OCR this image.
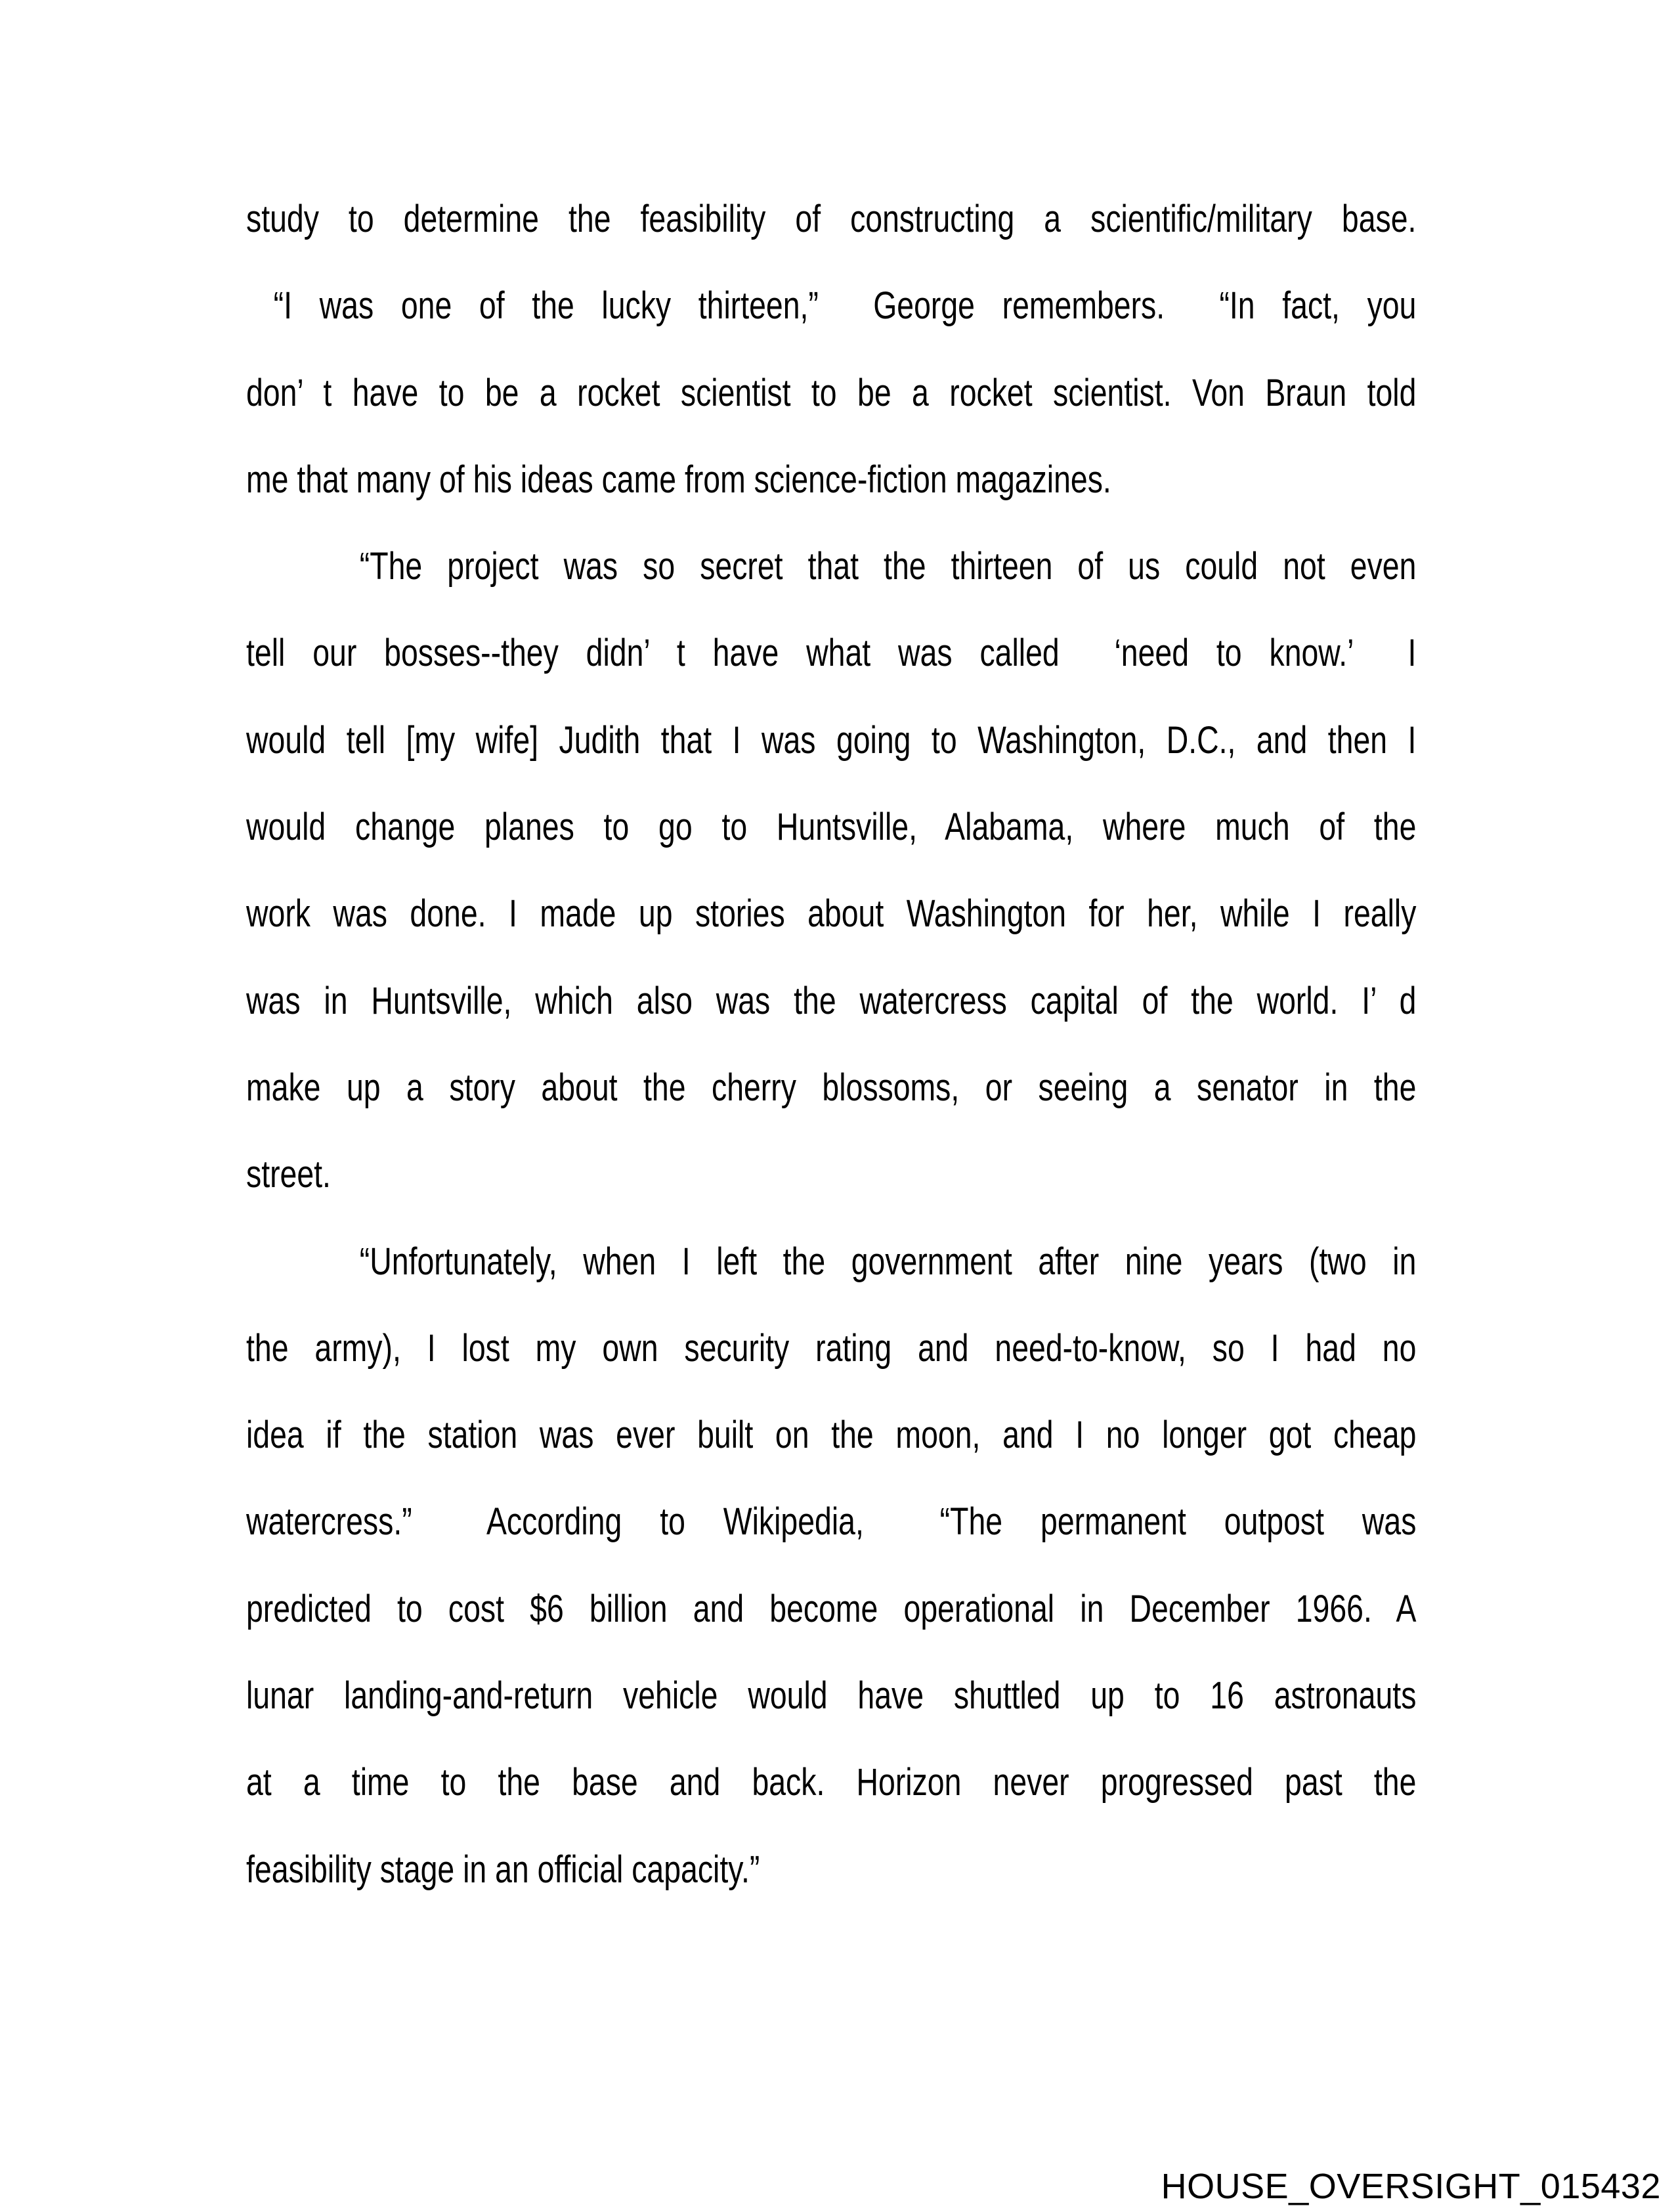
study to determine the feasibility of constructing a scientific/military base.
“I was one of the lucky thirteen,”  George remembers.  “In fact, you
don’ t have to be a rocket scientist to be a rocket scientist. Von Braun told
me that many of his ideas came from science-fiction magazines.
“The project was so secret that the thirteen of us could not even
tell our bosses--they didn’ t have what was called  ‘need to know.’  I
would tell [my wife] Judith that I was going to Washington, D.C., and then I
would change planes to go to Huntsville, Alabama, where much of the
work was done. I made up stories about Washington for her, while I really
was in Huntsville, which also was the watercress capital of the world. I’ d
make up a story about the cherry blossoms, or seeing a senator in the
street.
“Unfortunately, when I left the government after nine years (two in
the army), I lost my own security rating and need-to-know, so I had no
idea if the station was ever built on the moon, and I no longer got cheap
watercress.”  According to Wikipedia,  “The permanent outpost was
predicted to cost $6 billion and become operational in December 1966. A
lunar landing-and-return vehicle would have shuttled up to 16 astronauts
at a time to the base and back. Horizon never progressed past the
feasibility stage in an official capacity.”
HOUSE_OVERSIGHT_015432
